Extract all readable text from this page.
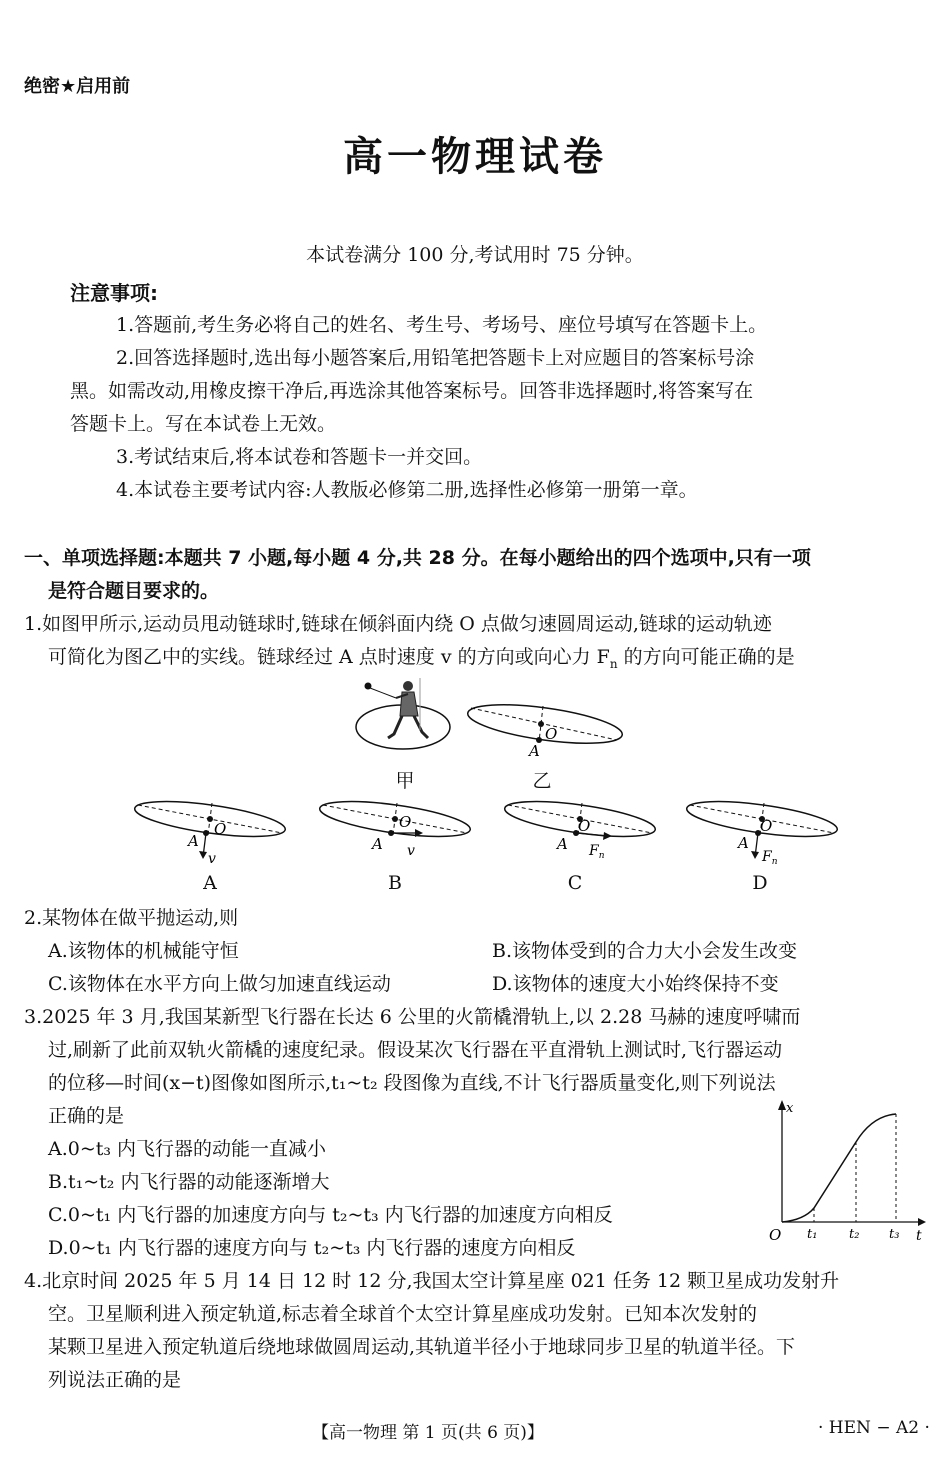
绝密★启用前
高一物理试卷
本试卷满分 100 分,考试用时 75 分钟。
注意事项:
1.答题前,考生务必将自己的姓名、考生号、考场号、座位号填写在答题卡上。
2.回答选择题时,选出每小题答案后,用铅笔把答题卡上对应题目的答案标号涂
黑。如需改动,用橡皮擦干净后,再选涂其他答案标号。回答非选择题时,将答案写在
答题卡上。写在本试卷上无效。
3.考试结束后,将本试卷和答题卡一并交回。
4.本试卷主要考试内容:人教版必修第二册,选择性必修第一册第一章。
一、单项选择题:本题共 7 小题,每小题 4 分,共 28 分。在每小题给出的四个选项中,只有一项
是符合题目要求的。
1.如图甲所示,运动员甩动链球时,链球在倾斜面内绕 O 点做匀速圆周运动,链球的运动轨迹
可简化为图乙中的实线。链球经过 A 点时速度 v 的方向或向心力 $F_n$ 的方向可能正确的是
甲
O
A
乙
O
A
v
A
O
A v
B
O
A $F_n$
C
O
A
$F_n$
D
2.某物体在做平抛运动,则
A.该物体的机械能守恒	B.该物体受到的合力大小会发生改变
C.该物体在水平方向上做匀加速直线运动	D.该物体的速度大小始终保持不变
3.2025 年 3 月,我国某新型飞行器在长达 6 公里的火箭橇滑轨上,以 2.28 马赫的速度呼啸而
过,刷新了此前双轨火箭橇的速度纪录。假设某次飞行器在平直滑轨上测试时,飞行器运动
的位移—时间(x−t)图像如图所示,t₁~t₂ 段图像为直线,不计飞行器质量变化,则下列说法
正确的是
A.0~t₃ 内飞行器的动能一直减小
B.t₁~t₂ 内飞行器的动能逐渐增大
C.0~t₁ 内飞行器的加速度方向与 t₂~t₃ 内飞行器的加速度方向相反
D.0~t₁ 内飞行器的速度方向与 t₂~t₃ 内飞行器的速度方向相反
x
t
O t₁ t₂ t₃
4.北京时间 2025 年 5 月 14 日 12 时 12 分,我国太空计算星座 021 任务 12 颗卫星成功发射升
空。卫星顺利进入预定轨道,标志着全球首个太空计算星座成功发射。已知本次发射的
某颗卫星进入预定轨道后绕地球做圆周运动,其轨道半径小于地球同步卫星的轨道半径。下
列说法正确的是
【高一物理 第 1 页(共 6 页)】	· HEN − A2 ·
